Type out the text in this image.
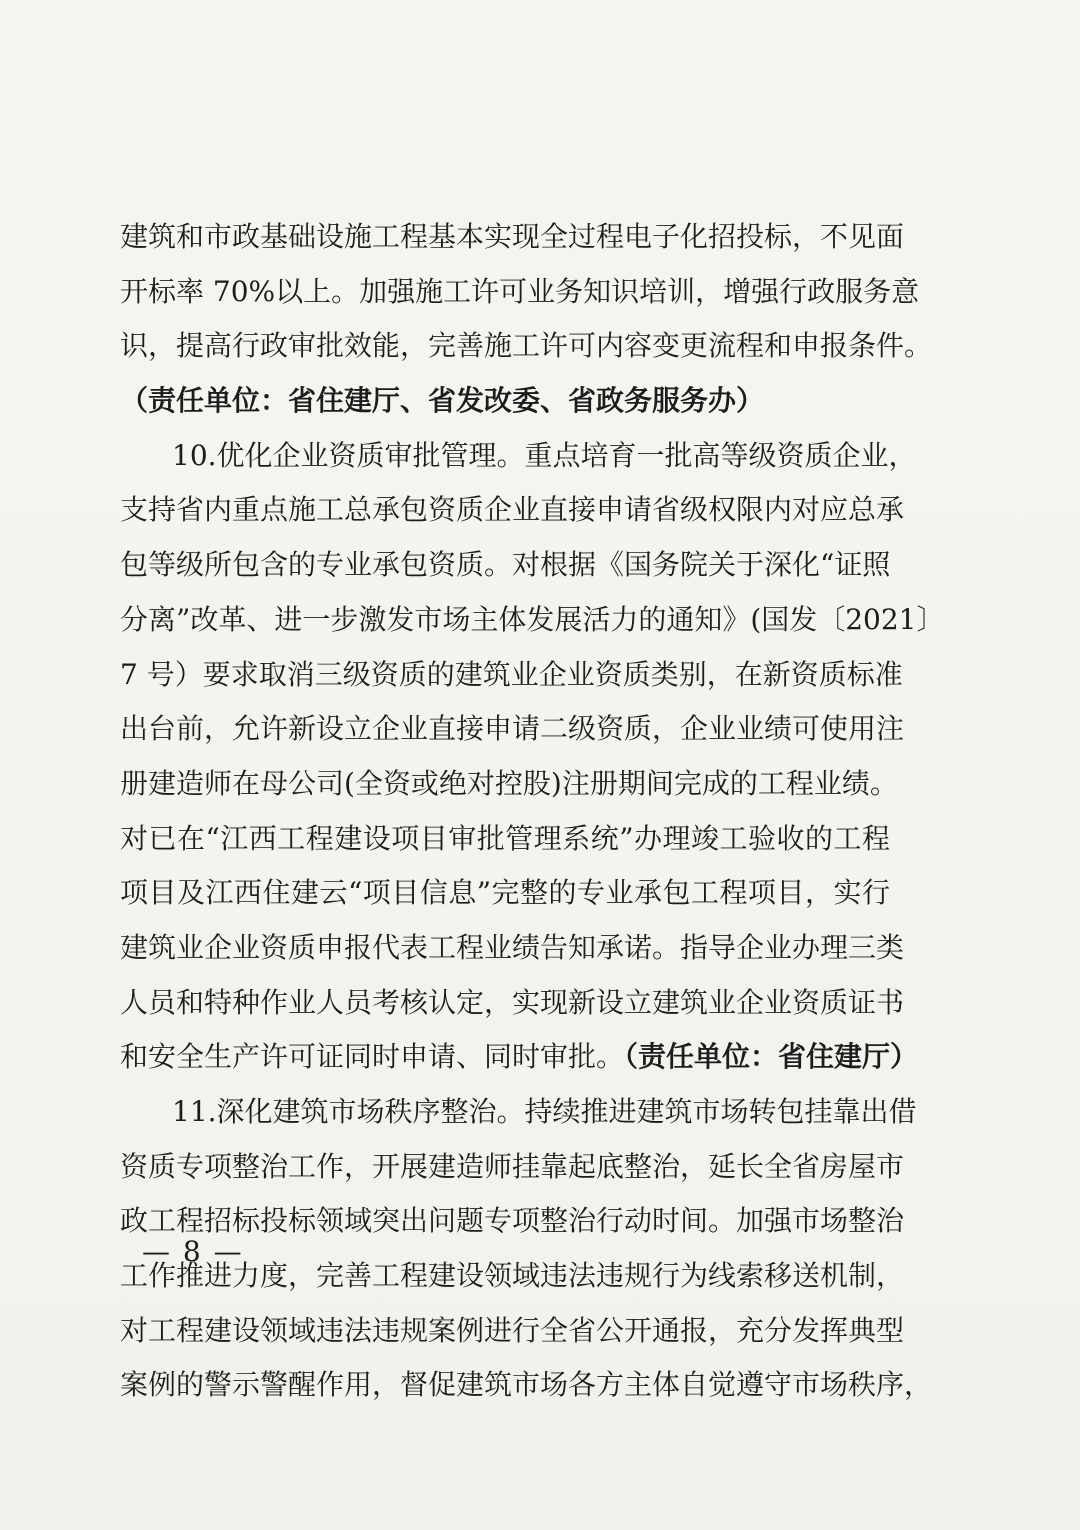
建筑和市政基础设施工程基本实现全过程电子化招投标，不见面
开标率 70%以上。加强施工许可业务知识培训，增强行政服务意
识，提高行政审批效能，完善施工许可内容变更流程和申报条件。
（责任单位：省住建厅、省发改委、省政务服务办）
10.优化企业资质审批管理。重点培育一批高等级资质企业，
支持省内重点施工总承包资质企业直接申请省级权限内对应总承
包等级所包含的专业承包资质。对根据《国务院关于深化“证照
分离”改革、进一步激发市场主体发展活力的通知》(国发〔2021〕
7 号）要求取消三级资质的建筑业企业资质类别，在新资质标准
出台前，允许新设立企业直接申请二级资质，企业业绩可使用注
册建造师在母公司(全资或绝对控股)注册期间完成的工程业绩。
对已在“江西工程建设项目审批管理系统”办理竣工验收的工程
项目及江西住建云“项目信息”完整的专业承包工程项目，实行
建筑业企业资质申报代表工程业绩告知承诺。指导企业办理三类
人员和特种作业人员考核认定，实现新设立建筑业企业资质证书
和安全生产许可证同时申请、同时审批。（责任单位：省住建厅）
11.深化建筑市场秩序整治。持续推进建筑市场转包挂靠出借
资质专项整治工作，开展建造师挂靠起底整治，延长全省房屋市
政工程招标投标领域突出问题专项整治行动时间。加强市场整治
工作推进力度，完善工程建设领域违法违规行为线索移送机制，
对工程建设领域违法违规案例进行全省公开通报，充分发挥典型
案例的警示警醒作用，督促建筑市场各方主体自觉遵守市场秩序，
— 8 —
